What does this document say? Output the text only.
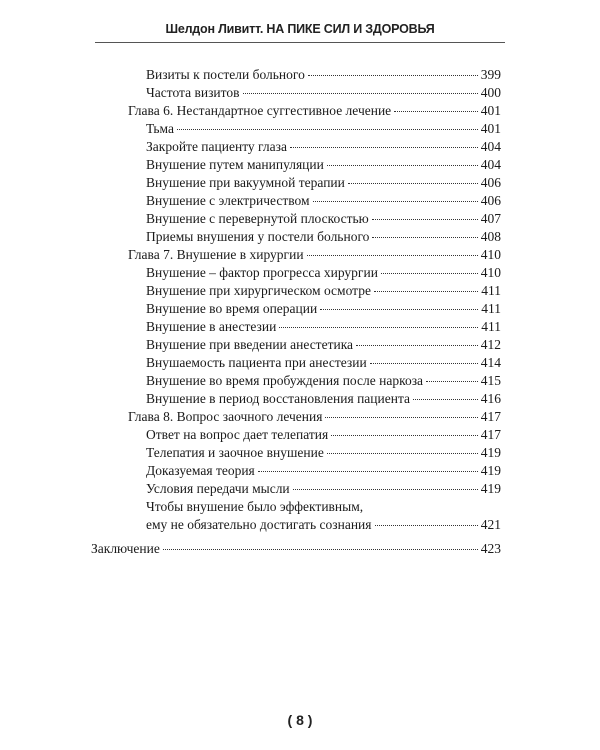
Шелдон Ливитт. НА ПИКЕ СИЛ И ЗДОРОВЬЯ
Визиты к постели больного	399
Частота визитов	400
Глава 6. Нестандартное суггестивное лечение	401
Тьма	401
Закройте пациенту глаза	404
Внушение путем манипуляции	404
Внушение при вакуумной терапии	406
Внушение с электричеством	406
Внушение с перевернутой плоскостью	407
Приемы внушения у постели больного	408
Глава 7. Внушение в хирургии	410
Внушение – фактор прогресса хирургии	410
Внушение при хирургическом осмотре	411
Внушение во время операции	411
Внушение в анестезии	411
Внушение при введении анестетика	412
Внушаемость пациента при анестезии	414
Внушение во время пробуждения после наркоза	415
Внушение в период восстановления пациента	416
Глава 8. Вопрос заочного лечения	417
Ответ на вопрос дает телепатия	417
Телепатия и заочное внушение	419
Доказуемая теория	419
Условия передачи мысли	419
Чтобы внушение было эффективным,
ему не обязательно достигать сознания	421
Заключение	423
( 8 )
